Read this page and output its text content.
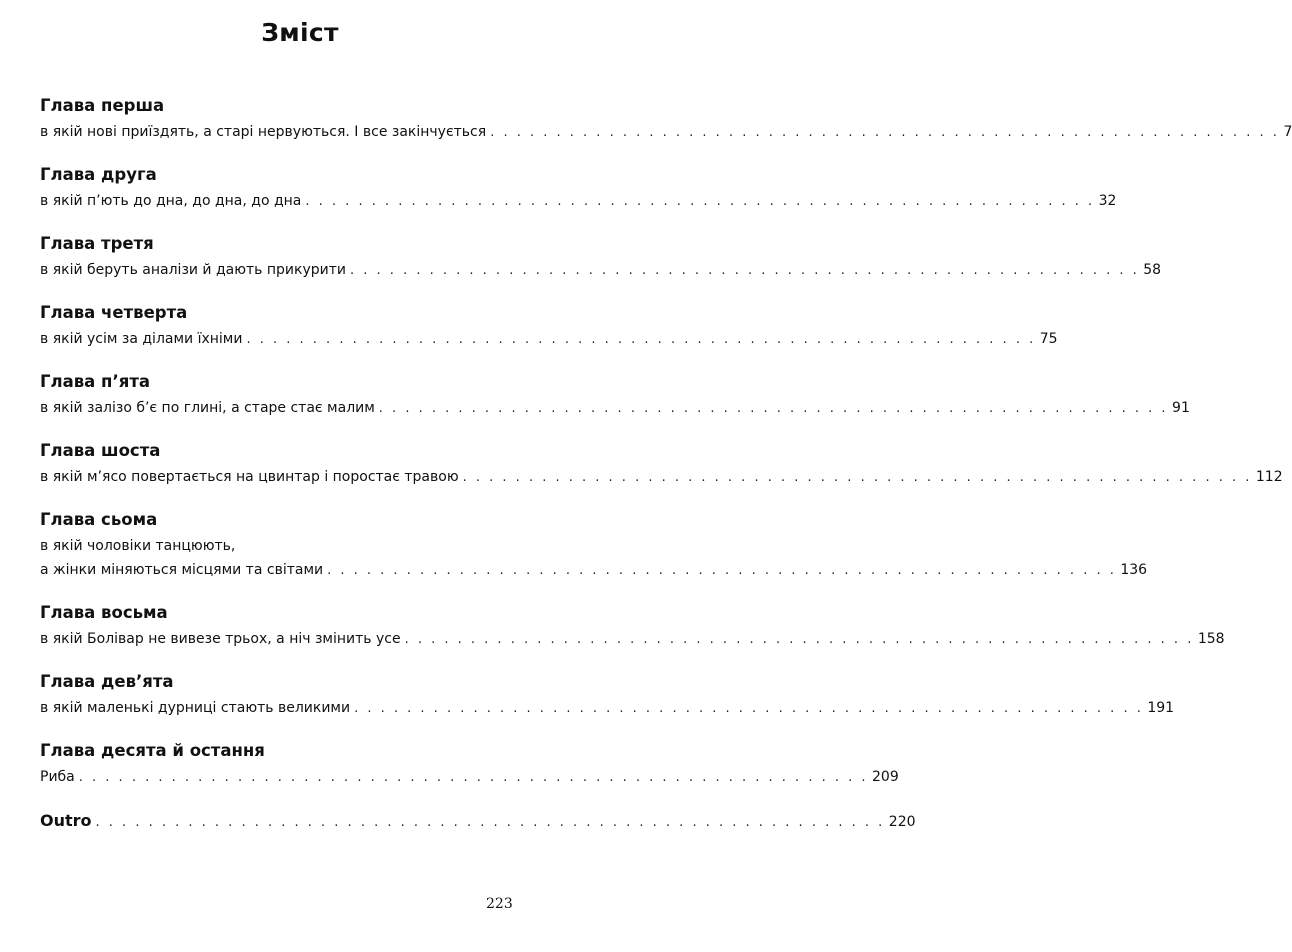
Зміст
Глава перша
в якій нові приїздять, а старі нервуються. І все закінчується . . . . . . . . . . . . . . . . . . . . . . . . . . . . . . . . . . . . . . . . . . . . . . . . . . . . . . . . . . . . 7
Глава друга
в якій п’ють до дна, до дна, до дна . . . . . . . . . . . . . . . . . . . . . . . . . . . . . . . . . . . . . . . . . . . . . . . . . . . . . . . . . . . . 32
Глава третя
в якій беруть аналізи й дають прикурити . . . . . . . . . . . . . . . . . . . . . . . . . . . . . . . . . . . . . . . . . . . . . . . . . . . . . . . . . . . . 58
Глава четверта
в якій усім за ділами їхніми . . . . . . . . . . . . . . . . . . . . . . . . . . . . . . . . . . . . . . . . . . . . . . . . . . . . . . . . . . . . 75
Глава п’ята
в якій залізо б’є по глині, а старе стає малим . . . . . . . . . . . . . . . . . . . . . . . . . . . . . . . . . . . . . . . . . . . . . . . . . . . . . . . . . . . . 91
Глава шоста
в якій м’ясо повертається на цвинтар і поростає травою . . . . . . . . . . . . . . . . . . . . . . . . . . . . . . . . . . . . . . . . . . . . . . . . . . . . . . . . . . . . 112
Глава сьома
в якій чоловіки танцюють,
а жінки міняються місцями та світами . . . . . . . . . . . . . . . . . . . . . . . . . . . . . . . . . . . . . . . . . . . . . . . . . . . . . . . . . . . . 136
Глава восьма
в якій Болівар не вивезе трьох, а ніч змінить усе . . . . . . . . . . . . . . . . . . . . . . . . . . . . . . . . . . . . . . . . . . . . . . . . . . . . . . . . . . . . 158
Глава дев’ята
в якій маленькі дурниці стають великими . . . . . . . . . . . . . . . . . . . . . . . . . . . . . . . . . . . . . . . . . . . . . . . . . . . . . . . . . . . . 191
Глава десята й остання
Риба . . . . . . . . . . . . . . . . . . . . . . . . . . . . . . . . . . . . . . . . . . . . . . . . . . . . . . . . . . . . 209
Outro . . . . . . . . . . . . . . . . . . . . . . . . . . . . . . . . . . . . . . . . . . . . . . . . . . . . . . . . . . . . 220
223
